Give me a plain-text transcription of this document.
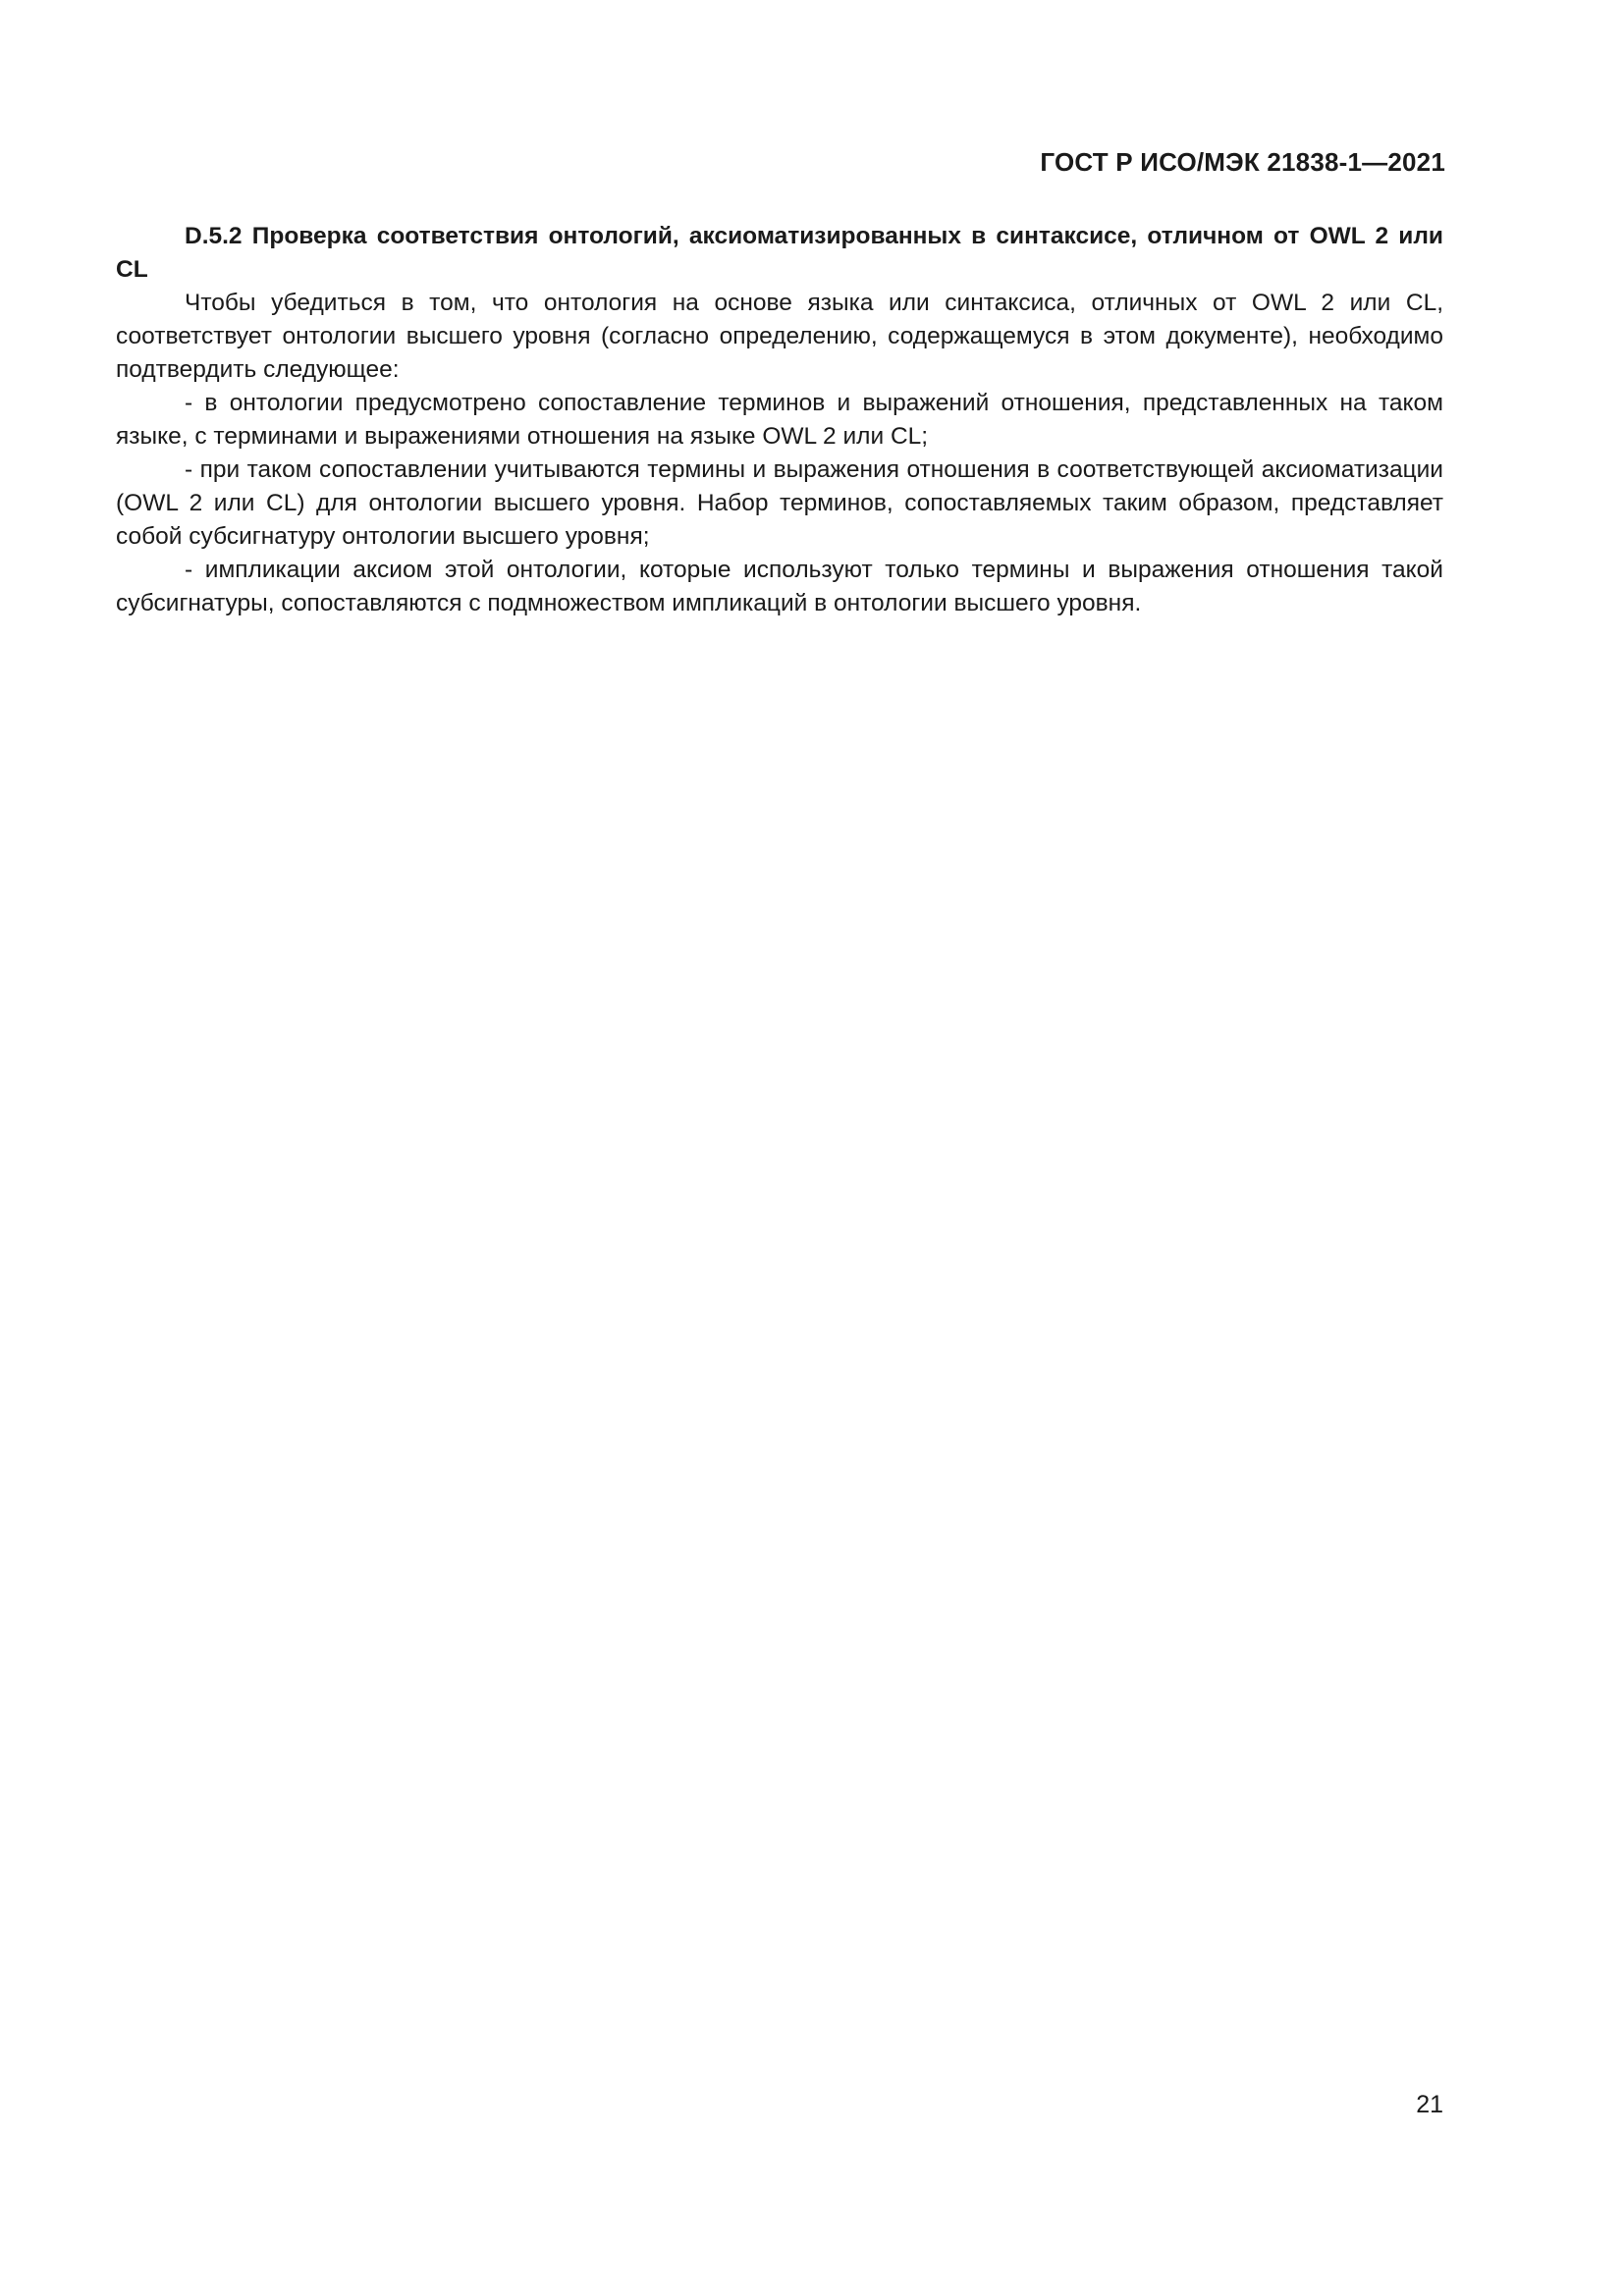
ГОСТ Р ИСО/МЭК 21838-1—2021

D.5.2 Проверка соответствия онтологий, аксиоматизированных в синтаксисе, отличном от OWL 2 или CL

Чтобы убедиться в том, что онтология на основе языка или синтаксиса, отличных от OWL 2 или CL, соответствует онтологии высшего уровня (согласно определению, содержащемуся в этом документе), необходимо подтвердить следующее:

- в онтологии предусмотрено сопоставление терминов и выражений отношения, представленных на таком языке, с терминами и выражениями отношения на языке OWL 2 или CL;

- при таком сопоставлении учитываются термины и выражения отношения в соответствующей аксиоматизации (OWL 2 или CL) для онтологии высшего уровня. Набор терминов, сопоставляемых таким образом, представляет собой субсигнатуру онтологии высшего уровня;

- импликации аксиом этой онтологии, которые используют только термины и выражения отношения такой субсигнатуры, сопоставляются с подмножеством импликаций в онтологии высшего уровня.

21
